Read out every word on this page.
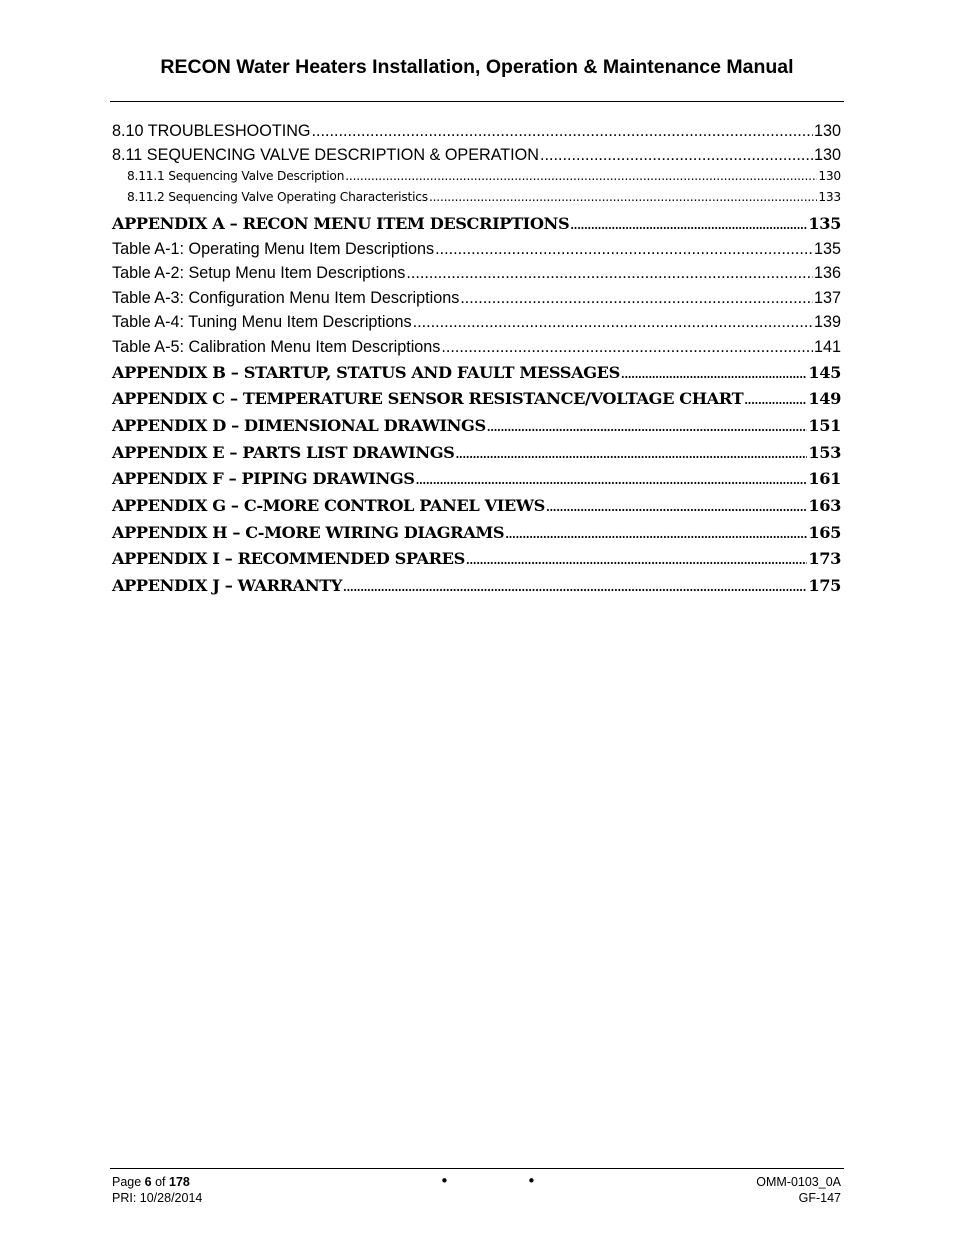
RECON Water Heaters Installation, Operation & Maintenance Manual
8.10 TROUBLESHOOTING .....	130
8.11 SEQUENCING VALVE DESCRIPTION & OPERATION .....	130
8.11.1 Sequencing Valve Description .....	130
8.11.2 Sequencing Valve Operating Characteristics .....	133
APPENDIX A – RECON MENU ITEM DESCRIPTIONS .....	135
Table A-1: Operating Menu Item Descriptions .....	135
Table A-2: Setup Menu Item Descriptions .....	136
Table A-3: Configuration Menu Item Descriptions .....	137
Table A-4: Tuning Menu Item Descriptions .....	139
Table A-5: Calibration Menu Item Descriptions .....	141
APPENDIX B – STARTUP, STATUS AND FAULT MESSAGES .....	145
APPENDIX C – TEMPERATURE SENSOR RESISTANCE/VOLTAGE CHART .....	149
APPENDIX D – DIMENSIONAL DRAWINGS .....	151
APPENDIX E – PARTS LIST DRAWINGS .....	153
APPENDIX F – PIPING DRAWINGS .....	161
APPENDIX G – C-MORE CONTROL PANEL VIEWS .....	163
APPENDIX H – C-MORE WIRING DIAGRAMS .....	165
APPENDIX I – RECOMMENDED SPARES .....	173
APPENDIX J – WARRANTY .....	175
Page 6 of 178
PRI: 10/28/2014
•	•	OMM-0103_0A
GF-147
